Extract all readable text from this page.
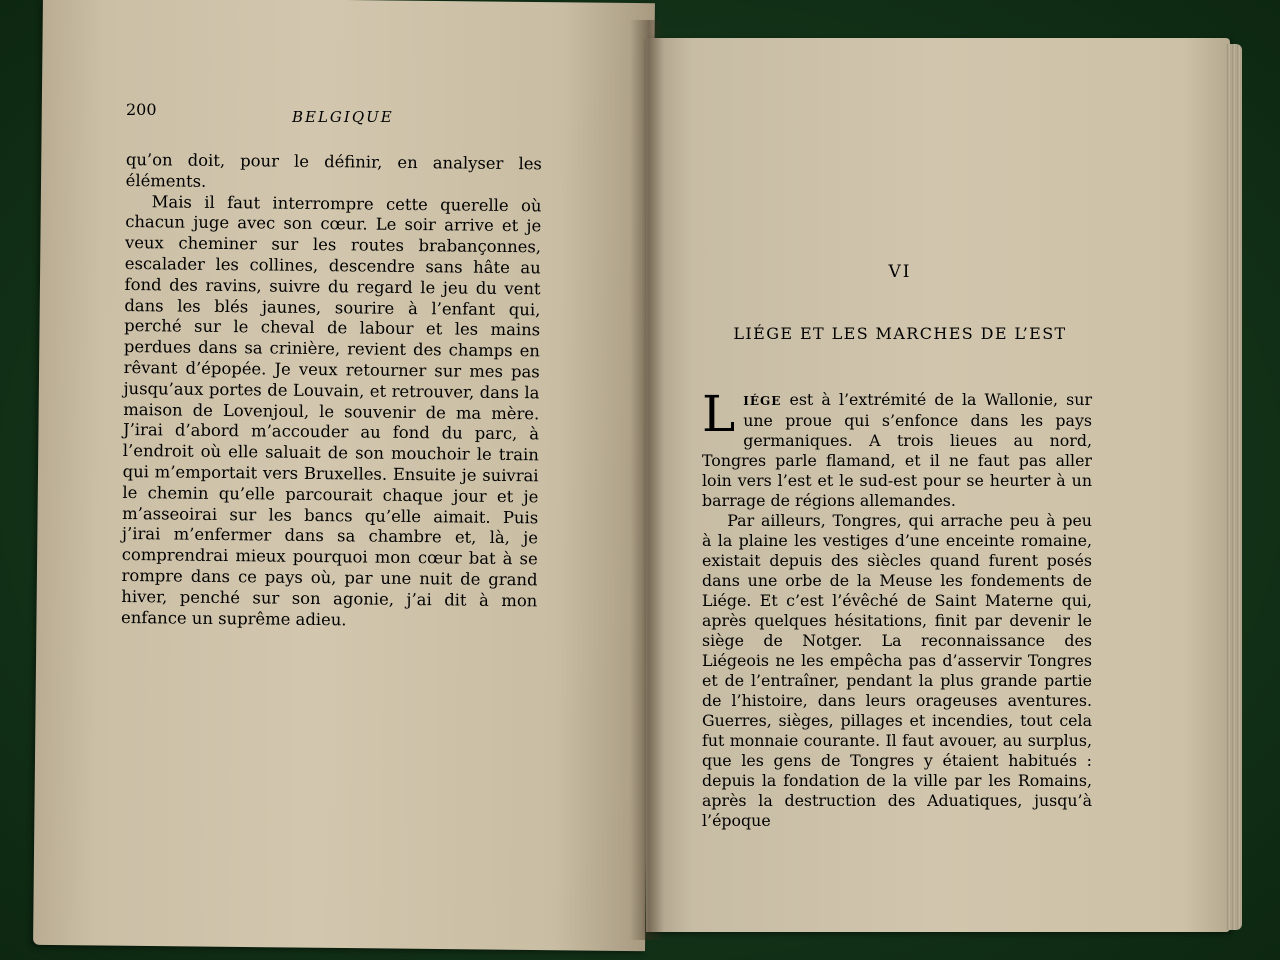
200	BELGIQUE

qu’on doit, pour le définir, en analyser les éléments.

Mais il faut interrompre cette querelle où chacun juge avec son cœur. Le soir arrive et je veux cheminer sur les routes brabançonnes, escalader les collines, descendre sans hâte au fond des ravins, suivre du regard le jeu du vent dans les blés jaunes, sourire à l’enfant qui, perché sur le cheval de labour et les mains perdues dans sa crinière, revient des champs en rêvant d’épopée. Je veux retourner sur mes pas jusqu’aux portes de Louvain, et retrouver, dans la maison de Lovenjoul, le souvenir de ma mère. J’irai d’abord m’accouder au fond du parc, à l’endroit où elle saluait de son mouchoir le train qui m’emportait vers Bruxelles. Ensuite je suivrai le chemin qu’elle parcourait chaque jour et je m’asseoirai sur les bancs qu’elle aimait. Puis j’irai m’enfermer dans sa chambre et, là, je comprendrai mieux pourquoi mon cœur bat à se rompre dans ce pays où, par une nuit de grand hiver, penché sur son agonie, j’ai dit à mon enfance un suprême adieu.

VI
LIÉGE ET LES MARCHES DE L’EST

LIÉGE est à l’extrémité de la Wallonie, sur une proue qui s’enfonce dans les pays germaniques. A trois lieues au nord, Tongres parle flamand, et il ne faut pas aller loin vers l’est et le sud-est pour se heurter à un barrage de régions allemandes.

Par ailleurs, Tongres, qui arrache peu à peu à la plaine les vestiges d’une enceinte romaine, existait depuis des siècles quand furent posés dans une orbe de la Meuse les fondements de Liége. Et c’est l’évêché de Saint Materne qui, après quelques hésitations, finit par devenir le siège de Notger. La reconnaissance des Liégeois ne les empêcha pas d’asservir Tongres et de l’entraîner, pendant la plus grande partie de l’histoire, dans leurs orageuses aventures. Guerres, sièges, pillages et incendies, tout cela fut monnaie courante. Il faut avouer, au surplus, que les gens de Tongres y étaient habitués : depuis la fondation de la ville par les Romains, après la destruction des Aduatiques, jusqu’à l’époque
